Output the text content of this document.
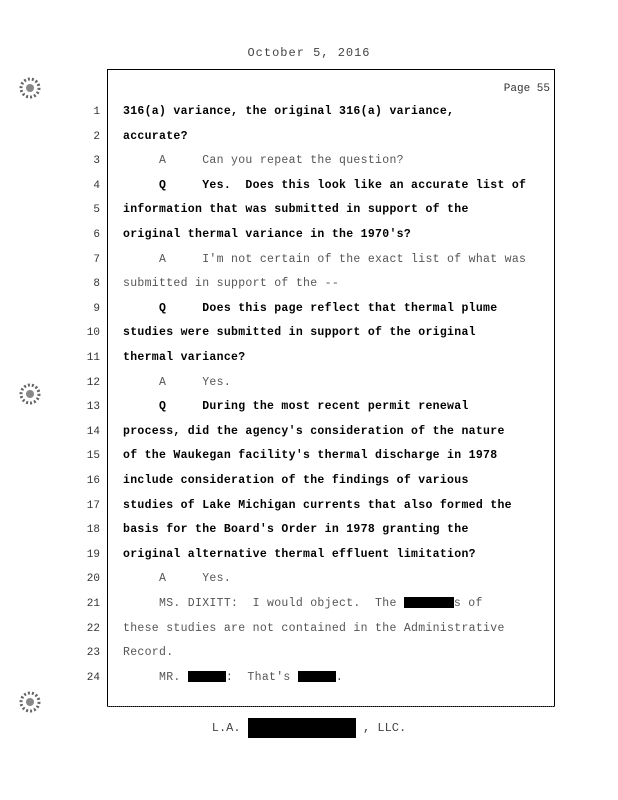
October 5, 2016
Page 55
1 316(a) variance, the original 316(a) variance,
2 accurate?
3 A     Can you repeat the question?
4 Q     Yes.  Does this look like an accurate list of
5 information that was submitted in support of the
6 original thermal variance in the 1970's?
7 A     I'm not certain of the exact list of what was
8 submitted in support of the --
9 Q     Does this page reflect that thermal plume
10 studies were submitted in support of the original
11 thermal variance?
12 A     Yes.
13 Q     During the most recent permit renewal
14 process, did the agency's consideration of the nature
15 of the Waukegan facility's thermal discharge in 1978
16 include consideration of the findings of various
17 studies of Lake Michigan currents that also formed the
18 basis for the Board's Order in 1978 granting the
19 original alternative thermal effluent limitation?
20 A     Yes.
21 MS. DIXITT:  I would object.  The	s of
22 these studies are not contained in the Administrative
23 Record.
24 MR.	:  That's	.
L.A.	, LLC.
